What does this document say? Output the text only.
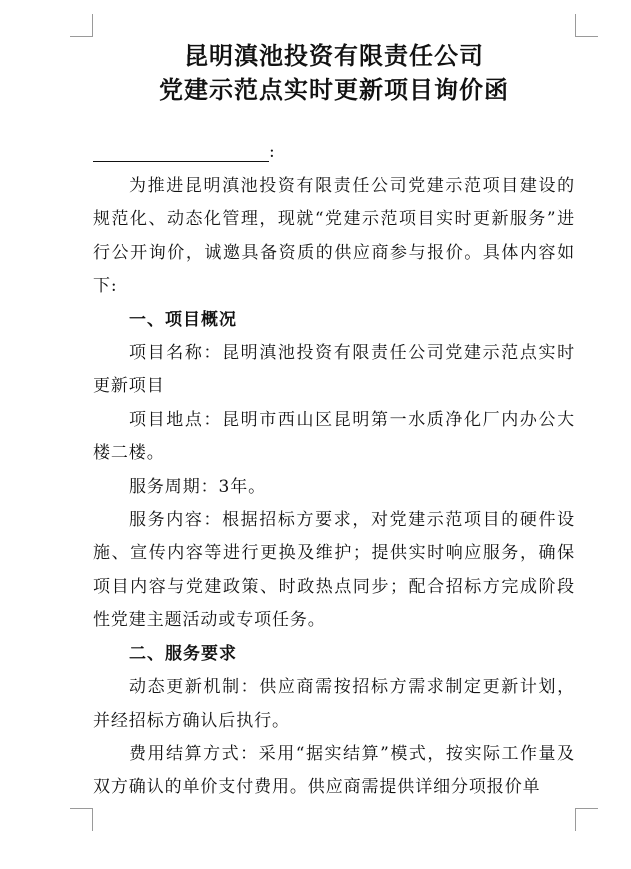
昆明滇池投资有限责任公司
党建示范点实时更新项目询价函
:

为推进昆明滇池投资有限责任公司党建示范项目建设的规范化、动态化管理，现就“党建示范项目实时更新服务”进行公开询价，诚邀具备资质的供应商参与报价。具体内容如下:

一、项目概况

项目名称：昆明滇池投资有限责任公司党建示范点实时更新项目

项目地点：昆明市西山区昆明第一水质净化厂内办公大楼二楼。

服务周期：3年。

服务内容：根据招标方要求，对党建示范项目的硬件设施、宣传内容等进行更换及维护；提供实时响应服务，确保项目内容与党建政策、时政热点同步；配合招标方完成阶段性党建主题活动或专项任务。

二、服务要求

动态更新机制：供应商需按招标方需求制定更新计划，并经招标方确认后执行。

费用结算方式：采用“据实结算”模式，按实际工作量及双方确认的单价支付费用。供应商需提供详细分项报价单
